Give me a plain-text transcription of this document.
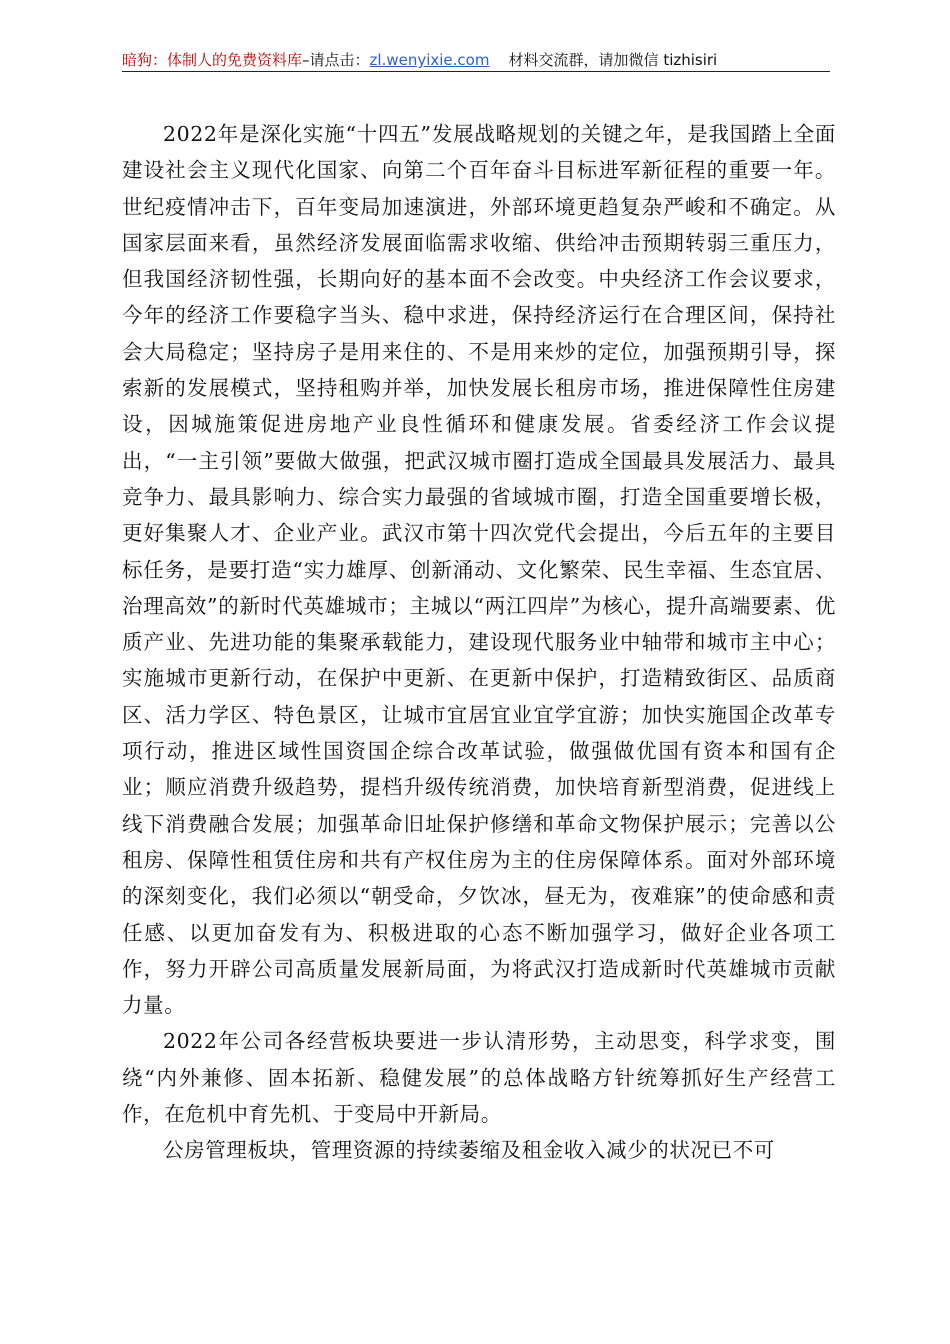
暗狗：体制人的免费资料库–请点击：zl.wenyixie.com 材料交流群，请加微信 tizhisiri

2022年是深化实施“十四五”发展战略规划的关键之年，是我国踏上全面建设社会主义现代化国家、向第二个百年奋斗目标进军新征程的重要一年。世纪疫情冲击下，百年变局加速演进，外部环境更趋复杂严峻和不确定。从国家层面来看，虽然经济发展面临需求收缩、供给冲击预期转弱三重压力，但我国经济韧性强，长期向好的基本面不会改变。中央经济工作会议要求，今年的经济工作要稳字当头、稳中求进，保持经济运行在合理区间，保持社会大局稳定；坚持房子是用来住的、不是用来炒的定位，加强预期引导，探索新的发展模式，坚持租购并举，加快发展长租房市场，推进保障性住房建设，因城施策促进房地产业良性循环和健康发展。省委经济工作会议提出，“一主引领”要做大做强，把武汉城市圈打造成全国最具发展活力、最具竞争力、最具影响力、综合实力最强的省域城市圈，打造全国重要增长极，更好集聚人才、企业产业。武汉市第十四次党代会提出，今后五年的主要目标任务，是要打造“实力雄厚、创新涌动、文化繁荣、民生幸福、生态宜居、治理高效”的新时代英雄城市；主城以“两江四岸”为核心，提升高端要素、优质产业、先进功能的集聚承载能力，建设现代服务业中轴带和城市主中心；实施城市更新行动，在保护中更新、在更新中保护，打造精致街区、品质商区、活力学区、特色景区，让城市宜居宜业宜学宜游；加快实施国企改革专项行动，推进区域性国资国企综合改革试验，做强做优国有资本和国有企业；顺应消费升级趋势，提档升级传统消费，加快培育新型消费，促进线上线下消费融合发展；加强革命旧址保护修缮和革命文物保护展示；完善以公租房、保障性租赁住房和共有产权住房为主的住房保障体系。面对外部环境的深刻变化，我们必须以“朝受命，夕饮冰，昼无为，夜难寐”的使命感和责任感、以更加奋发有为、积极进取的心态不断加强学习，做好企业各项工作，努力开辟公司高质量发展新局面，为将武汉打造成新时代英雄城市贡献力量。

2022年公司各经营板块要进一步认清形势，主动思变，科学求变，围绕“内外兼修、固本拓新、稳健发展”的总体战略方针统筹抓好生产经营工作，在危机中育先机、于变局中开新局。

公房管理板块，管理资源的持续萎缩及租金收入减少的状况已不可
